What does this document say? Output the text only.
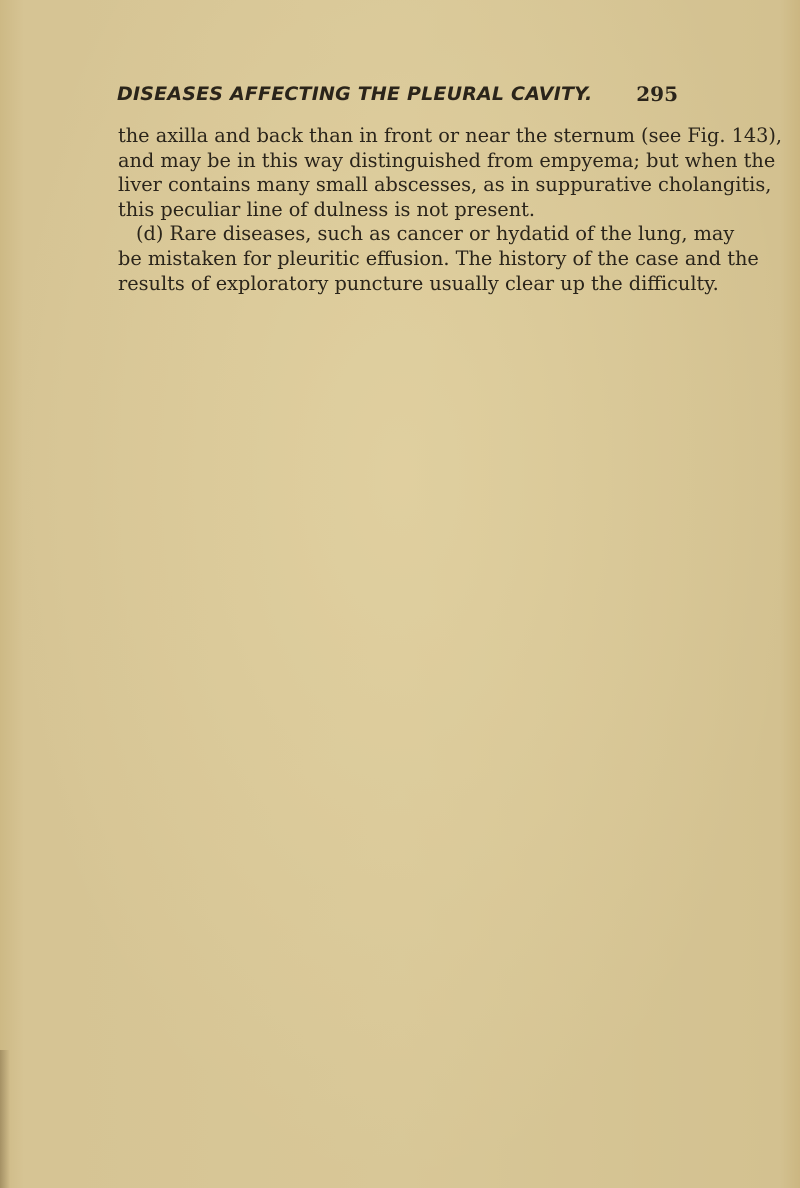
DISEASES AFFECTING THE PLEURAL CAVITY. 295
the axilla and back than in front or near the sternum (see Fig. 143),
and may be in this way distinguished from empyema; but when the
liver contains many small abscesses, as in suppurative cholangitis,
this peculiar line of dulness is not present.
(d) Rare diseases, such as cancer or hydatid of the lung, may
be mistaken for pleuritic effusion. The history of the case and the
results of exploratory puncture usually clear up the difficulty.
